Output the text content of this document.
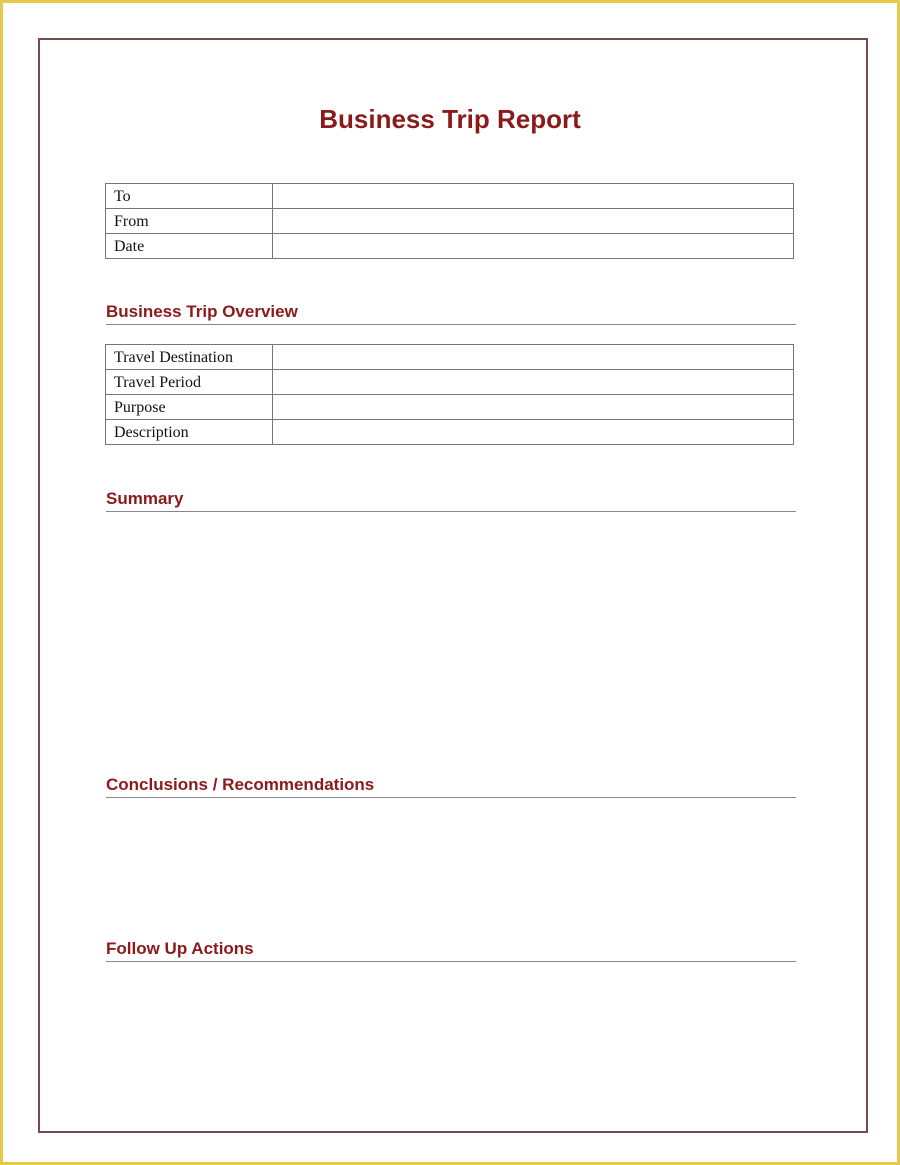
Business Trip Report
To	
From	
Date	
Business Trip Overview
Travel Destination	
Travel Period	
Purpose	
Description	
Summary
Conclusions / Recommendations
Follow Up Actions
